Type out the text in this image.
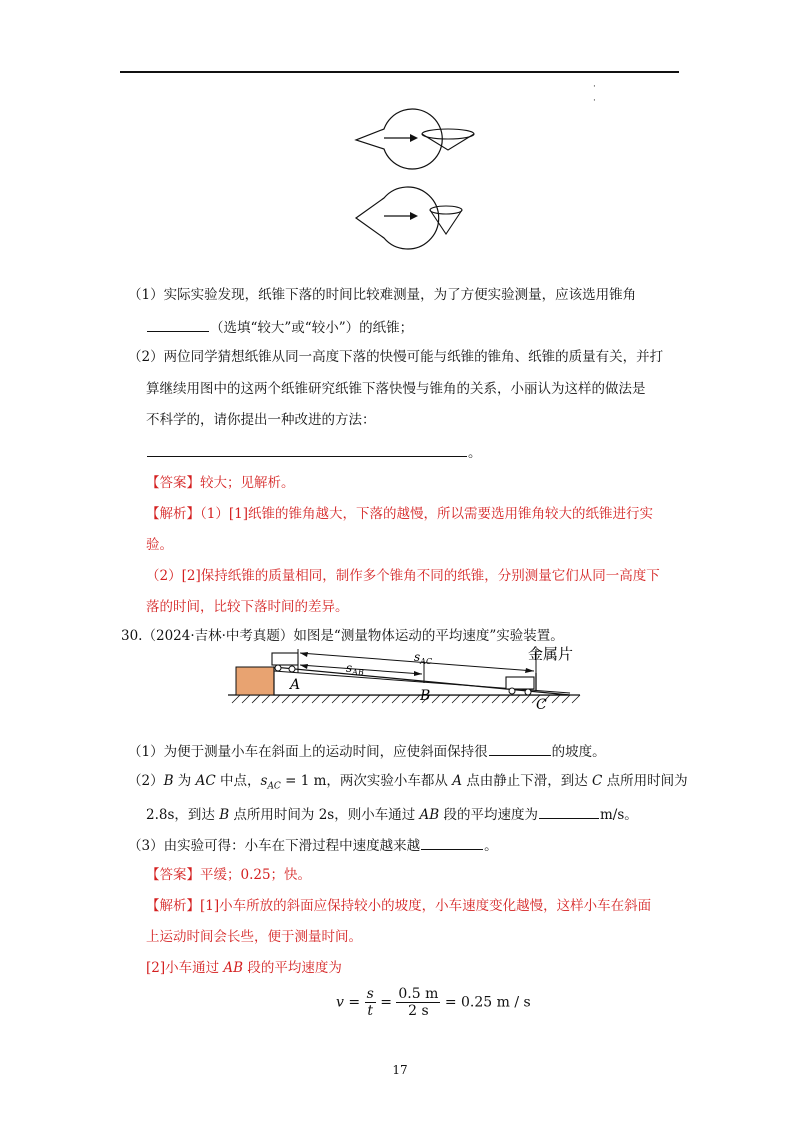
·
·
（1）实际实验发现，纸锥下落的时间比较难测量，为了方便实验测量，应该选用锥角
（选填“较大”或“较小”）的纸锥；
（2）两位同学猜想纸锥从同一高度下落的快慢可能与纸锥的锥角、纸锥的质量有关，并打
算继续用图中的这两个纸锥研究纸锥下落快慢与锥角的关系，小丽认为这样的做法是
不科学的，请你提出一种改进的方法：
。
【答案】较大；见解析。
【解析】（1）[1]纸锥的锥角越大，下落的越慢，所以需要选用锥角较大的纸锥进行实
验。
（2）[2]保持纸锥的质量相同，制作多个锥角不同的纸锥，分别测量它们从同一高度下
落的时间，比较下落时间的差异。
30.（2024·吉林·中考真题）如图是“测量物体运动的平均速度”实验装置。
$s_{AC}$
$s_{AB}$
金属片
A
B
C
（1）为便于测量小车在斜面上的运动时间，应使斜面保持很	的坡度。
（2）B 为 AC 中点，$s_{AC} = 1$ m，两次实验小车都从 A 点由静止下滑，到达 C 点所用时间为
2.8s，到达 B 点所用时间为 2s，则小车通过 AB 段的平均速度为	m/s。
（3）由实验可得：小车在下滑过程中速度越来越	。
【答案】平缓；0.25；快。
【解析】[1]小车所放的斜面应保持较小的坡度，小车速度变化越慢，这样小车在斜面
上运动时间会长些，便于测量时间。
[2]小车通过 AB 段的平均速度为
$v = \frac{s}{t} = \frac{0.5 m}{2 s} = 0.25$ m / s
17
